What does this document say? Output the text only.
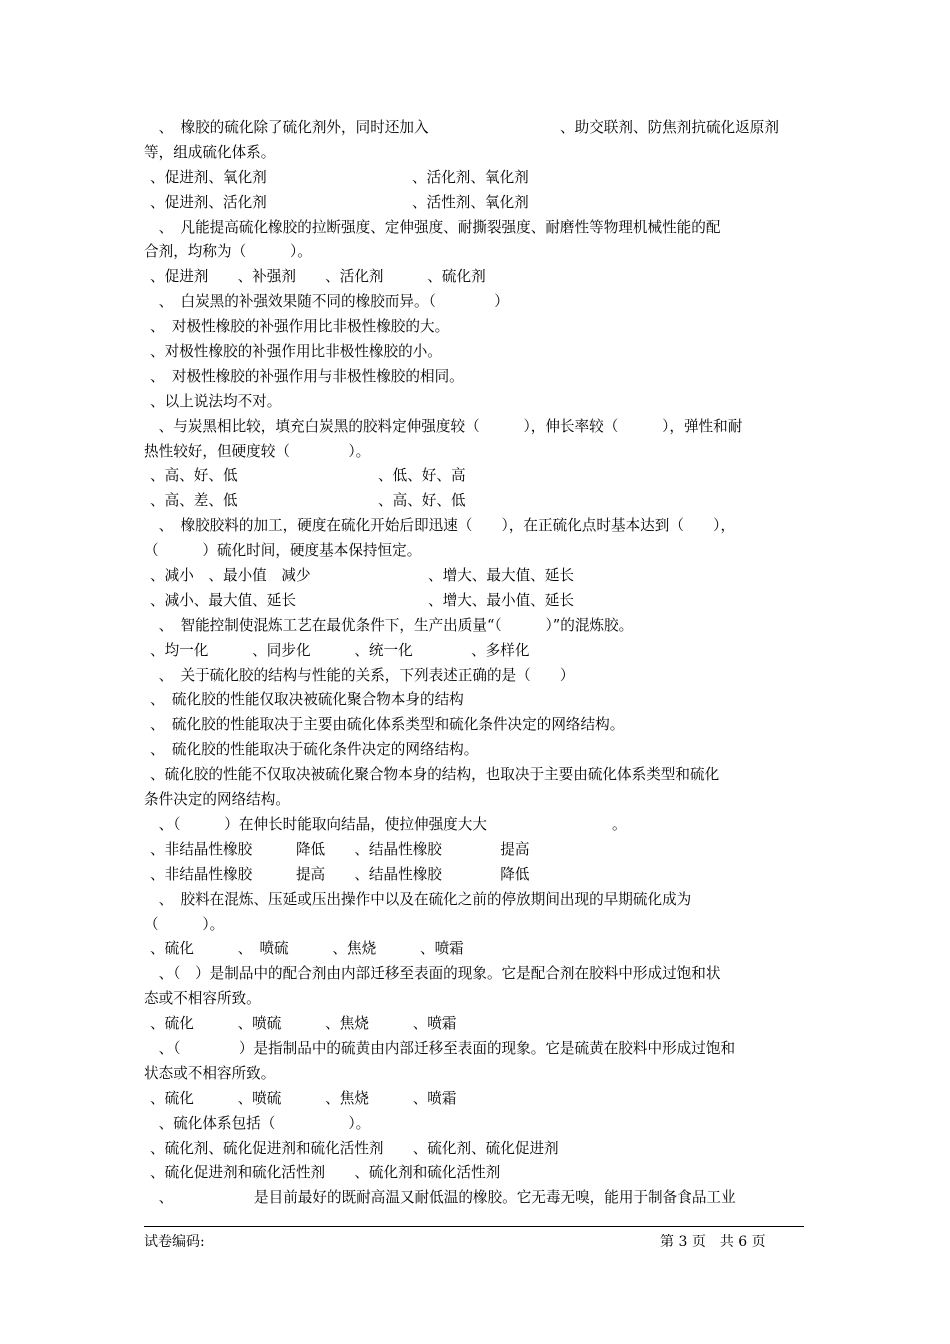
　、　橡胶的硫化除了硫化剂外，同时还加入	、助交联剂、防焦剂抗硫化返原剂
等，组成硫化体系。
、促进剂、氧化剂	、活化剂、氧化剂
、促进剂、活化剂	、活性剂、氧化剂
　、　凡能提高硫化橡胶的拉断强度、定伸强度、耐撕裂强度、耐磨性等物理机械性能的配
合剂，均称为（　　　）。
、促进剂　　、补强剂　　、活化剂　　　、硫化剂
　、　白炭黑的补强效果随不同的橡胶而异。（　　　　）
、　对极性橡胶的补强作用比非极性橡胶的大。
、对极性橡胶的补强作用比非极性橡胶的小。
、　对极性橡胶的补强作用与非极性橡胶的相同。
、以上说法均不对。
　、与炭黑相比较，填充白炭黑的胶料定伸强度较（　　　），伸长率较（　　　），弹性和耐
热性较好，但硬度较（　　　　）。
、高、好、低	、低、好、高
、高、差、低	、高、好、低
　、　橡胶胶料的加工，硬度在硫化开始后即迅速（　　），在正硫化点时基本达到（　　），
（　　　）硫化时间，硬度基本保持恒定。
、减小　、最小值　减少	、增大、最大值、延长
、减小、最大值、延长	、增大、最小值、延长
　、　智能控制使混炼工艺在最优条件下，生产出质量“（　　　）”的混炼胶。
、均一化　　　、同步化　　　、统一化　　　　、多样化
　、　关于硫化胶的结构与性能的关系，下列表述正确的是（　　）
、　硫化胶的性能仅取决被硫化聚合物本身的结构
、　硫化胶的性能取决于主要由硫化体系类型和硫化条件决定的网络结构。
、　硫化胶的性能取决于硫化条件决定的网络结构。
、硫化胶的性能不仅取决被硫化聚合物本身的结构，也取决于主要由硫化体系类型和硫化
条件决定的网络结构。
　、（　　　）在伸长时能取向结晶，使拉伸强度大大	。
、非结晶性橡胶　　　降低　　、结晶性橡胶　　　　提高
、非结晶性橡胶　　　提高　　、结晶性橡胶　　　　降低
　、　胶料在混炼、压延或压出操作中以及在硫化之前的停放期间出现的早期硫化成为
（　　　）。
、硫化　　　、　喷硫　　　、焦烧　　　、喷霜
　、（　）是制品中的配合剂由内部迁移至表面的现象。它是配合剂在胶料中形成过饱和状
态或不相容所致。
、硫化　　　、喷硫　　　、焦烧　　　、喷霜
　、（　　　　）是指制品中的硫黄由内部迁移至表面的现象。它是硫黄在胶料中形成过饱和
状态或不相容所致。
、硫化　　　、喷硫　　　、焦烧　　　、喷霜
　、硫化体系包括（　　　　　）。
、硫化剂、硫化促进剂和硫化活性剂　　、硫化剂、硫化促进剂
、硫化促进剂和硫化活性剂　　、硫化剂和硫化活性剂
　、	是目前最好的既耐高温又耐低温的橡胶。它无毒无嗅，能用于制备食品工业
试卷编码:	第 3 页　共 6 页
